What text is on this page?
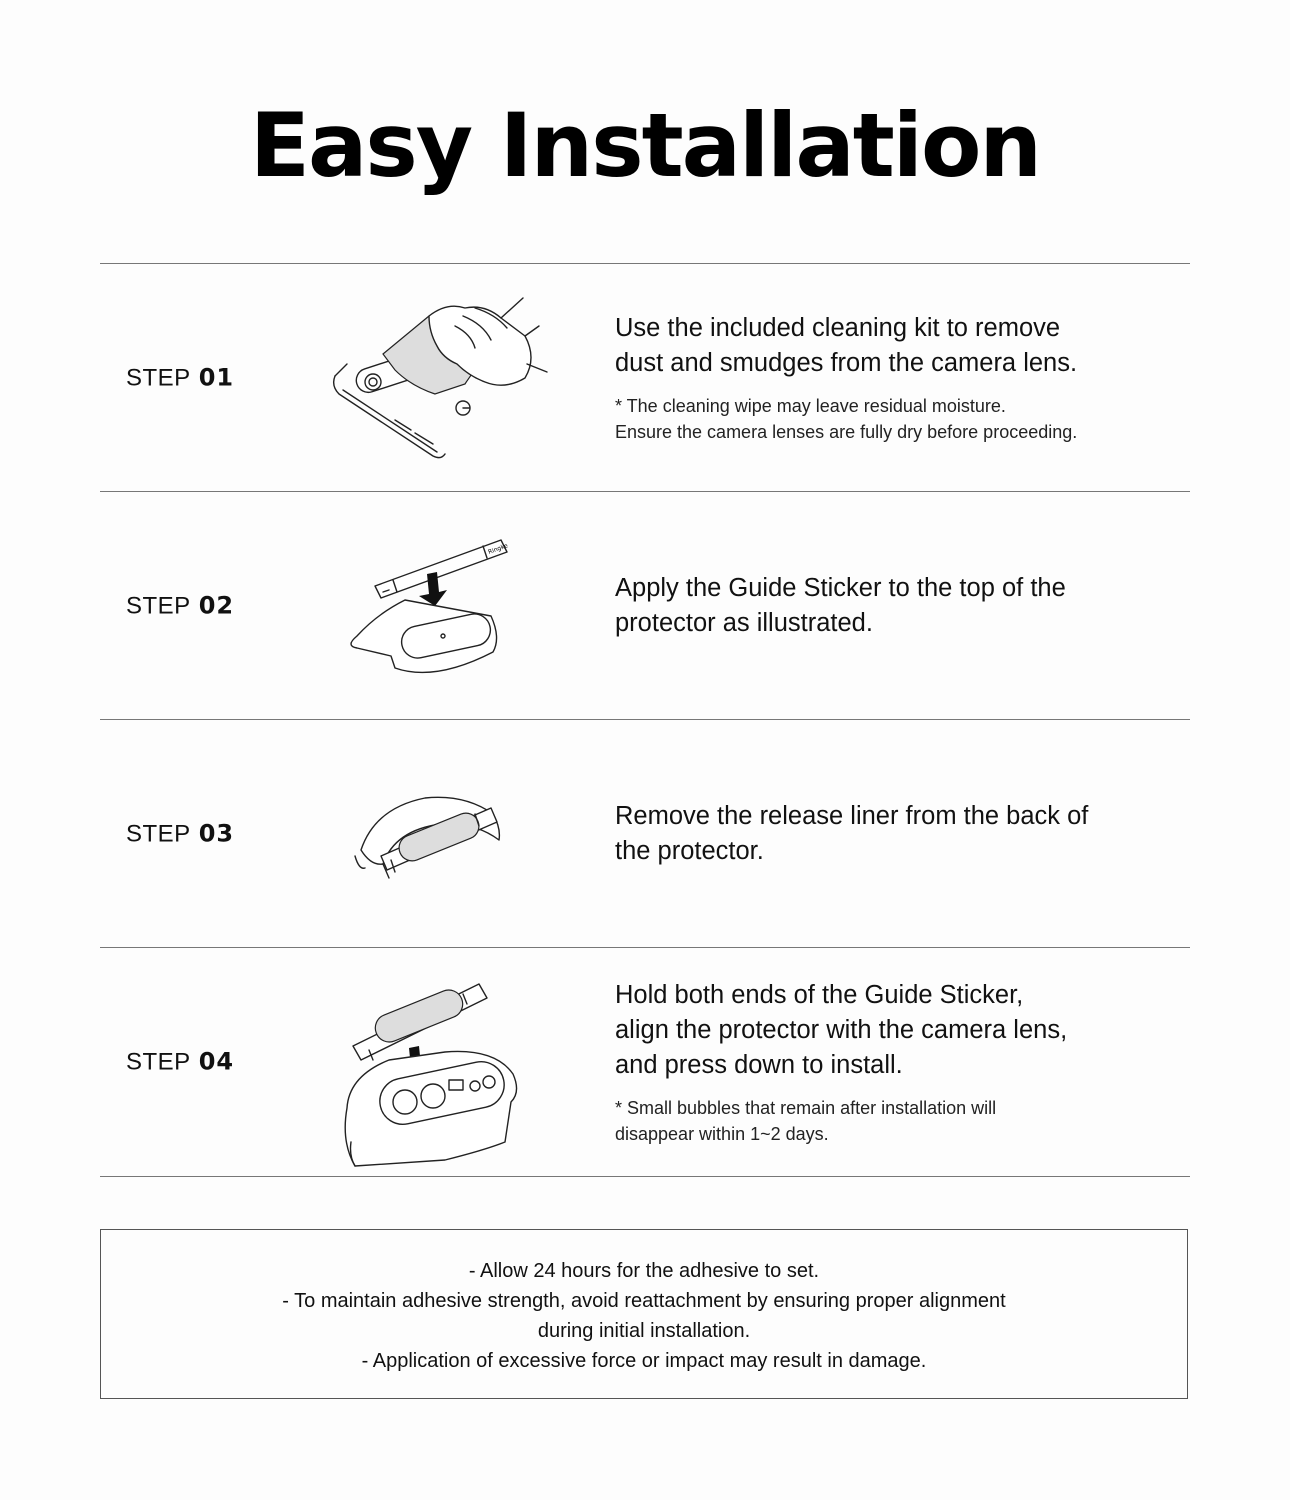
Easy Installation
STEP 01
Use the included cleaning kit to remove
dust and smudges from the camera lens.
* The cleaning wipe may leave residual moisture.
Ensure the camera lenses are fully dry before proceeding.
STEP 02
Ringke
Apply the Guide Sticker to the top of the
protector as illustrated.
STEP 03
Remove the release liner from the back of
the protector.
STEP 04
Hold both ends of the Guide Sticker,
align the protector with the camera lens,
and press down to install.
* Small bubbles that remain after installation will
disappear within 1~2 days.
- Allow 24 hours for the adhesive to set.
- To maintain adhesive strength, avoid reattachment by ensuring proper alignment
during initial installation.
- Application of excessive force or impact may result in damage.
